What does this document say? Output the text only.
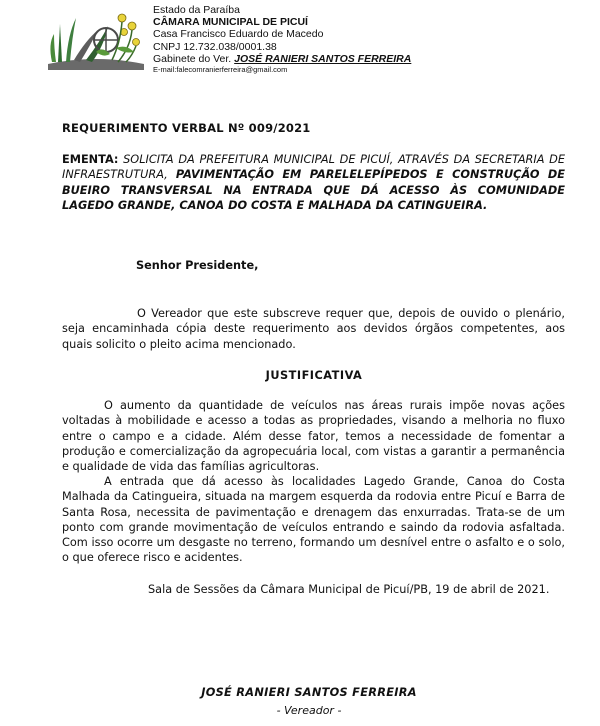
Estado da Paraíba
CÂMARA MUNICIPAL DE PICUÍ
Casa Francisco Eduardo de Macedo
CNPJ 12.732.038/0001.38
Gabinete do Ver. JOSÉ RANIERI SANTOS FERREIRA
E-mail:falecomranierferreira@gmail.com
REQUERIMENTO VERBAL Nº 009/2021
EMENTA: SOLICITA DA PREFEITURA MUNICIPAL DE PICUÍ, ATRAVÉS DA SECRETARIA DE INFRAESTRUTURA, PAVIMENTAÇÃO EM PARELELEPÍPEDOS E CONSTRUÇÃO DE BUEIRO TRANSVERSAL NA ENTRADA QUE DÁ ACESSO ÀS COMUNIDADE LAGEDO GRANDE, CANOA DO COSTA E MALHADA DA CATINGUEIRA.
Senhor Presidente,
O Vereador que este subscreve requer que, depois de ouvido o plenário, seja encaminhada cópia deste requerimento aos devidos órgãos competentes, aos quais solicito o pleito acima mencionado.
JUSTIFICATIVA
O aumento da quantidade de veículos nas áreas rurais impõe novas ações voltadas à mobilidade e acesso a todas as propriedades, visando a melhoria no fluxo entre o campo e a cidade. Além desse fator, temos a necessidade de fomentar a produção e comercialização da agropecuária local, com vistas a garantir a permanência e qualidade de vida das famílias agricultoras.
A entrada que dá acesso às localidades Lagedo Grande, Canoa do Costa Malhada da Catingueira, situada na margem esquerda da rodovia entre Picuí e Barra de Santa Rosa, necessita de pavimentação e drenagem das enxurradas. Trata-se de um ponto com grande movimentação de veículos entrando e saindo da rodovia asfaltada. Com isso ocorre um desgaste no terreno, formando um desnível entre o asfalto e o solo, o que oferece risco e acidentes.
Sala de Sessões da Câmara Municipal de Picuí/PB, 19 de abril de 2021.
JOSÉ RANIERI SANTOS FERREIRA
- Vereador -
